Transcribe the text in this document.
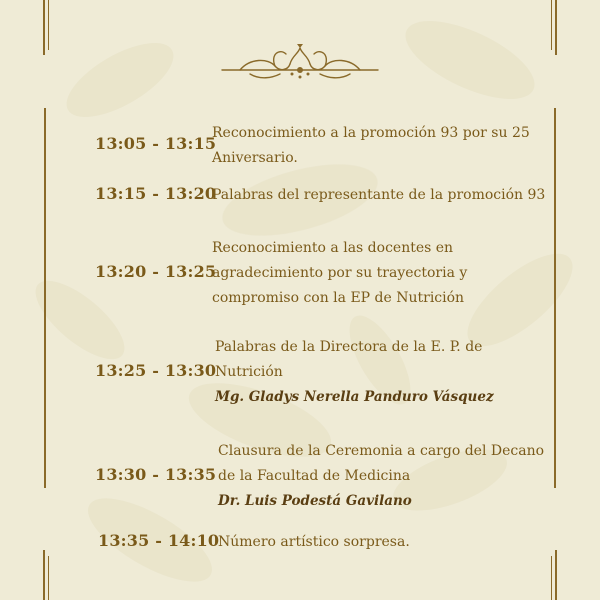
13:05 - 13:15
Reconocimiento a la promoción 93 por su 25
Aniversario.
13:15 - 13:20
Palabras del representante de la promoción 93
13:20 - 13:25
Reconocimiento a las docentes en
agradecimiento por su trayectoria y
compromiso con la EP de Nutrición
13:25 - 13:30
Palabras de la Directora de la E. P. de
Nutrición
Mg. Gladys Nerella Panduro Vásquez
13:30 - 13:35
Clausura de la Ceremonia a cargo del Decano
de la Facultad de Medicina
Dr. Luis Podestá Gavilano
13:35 - 14:10
Número artístico sorpresa.
